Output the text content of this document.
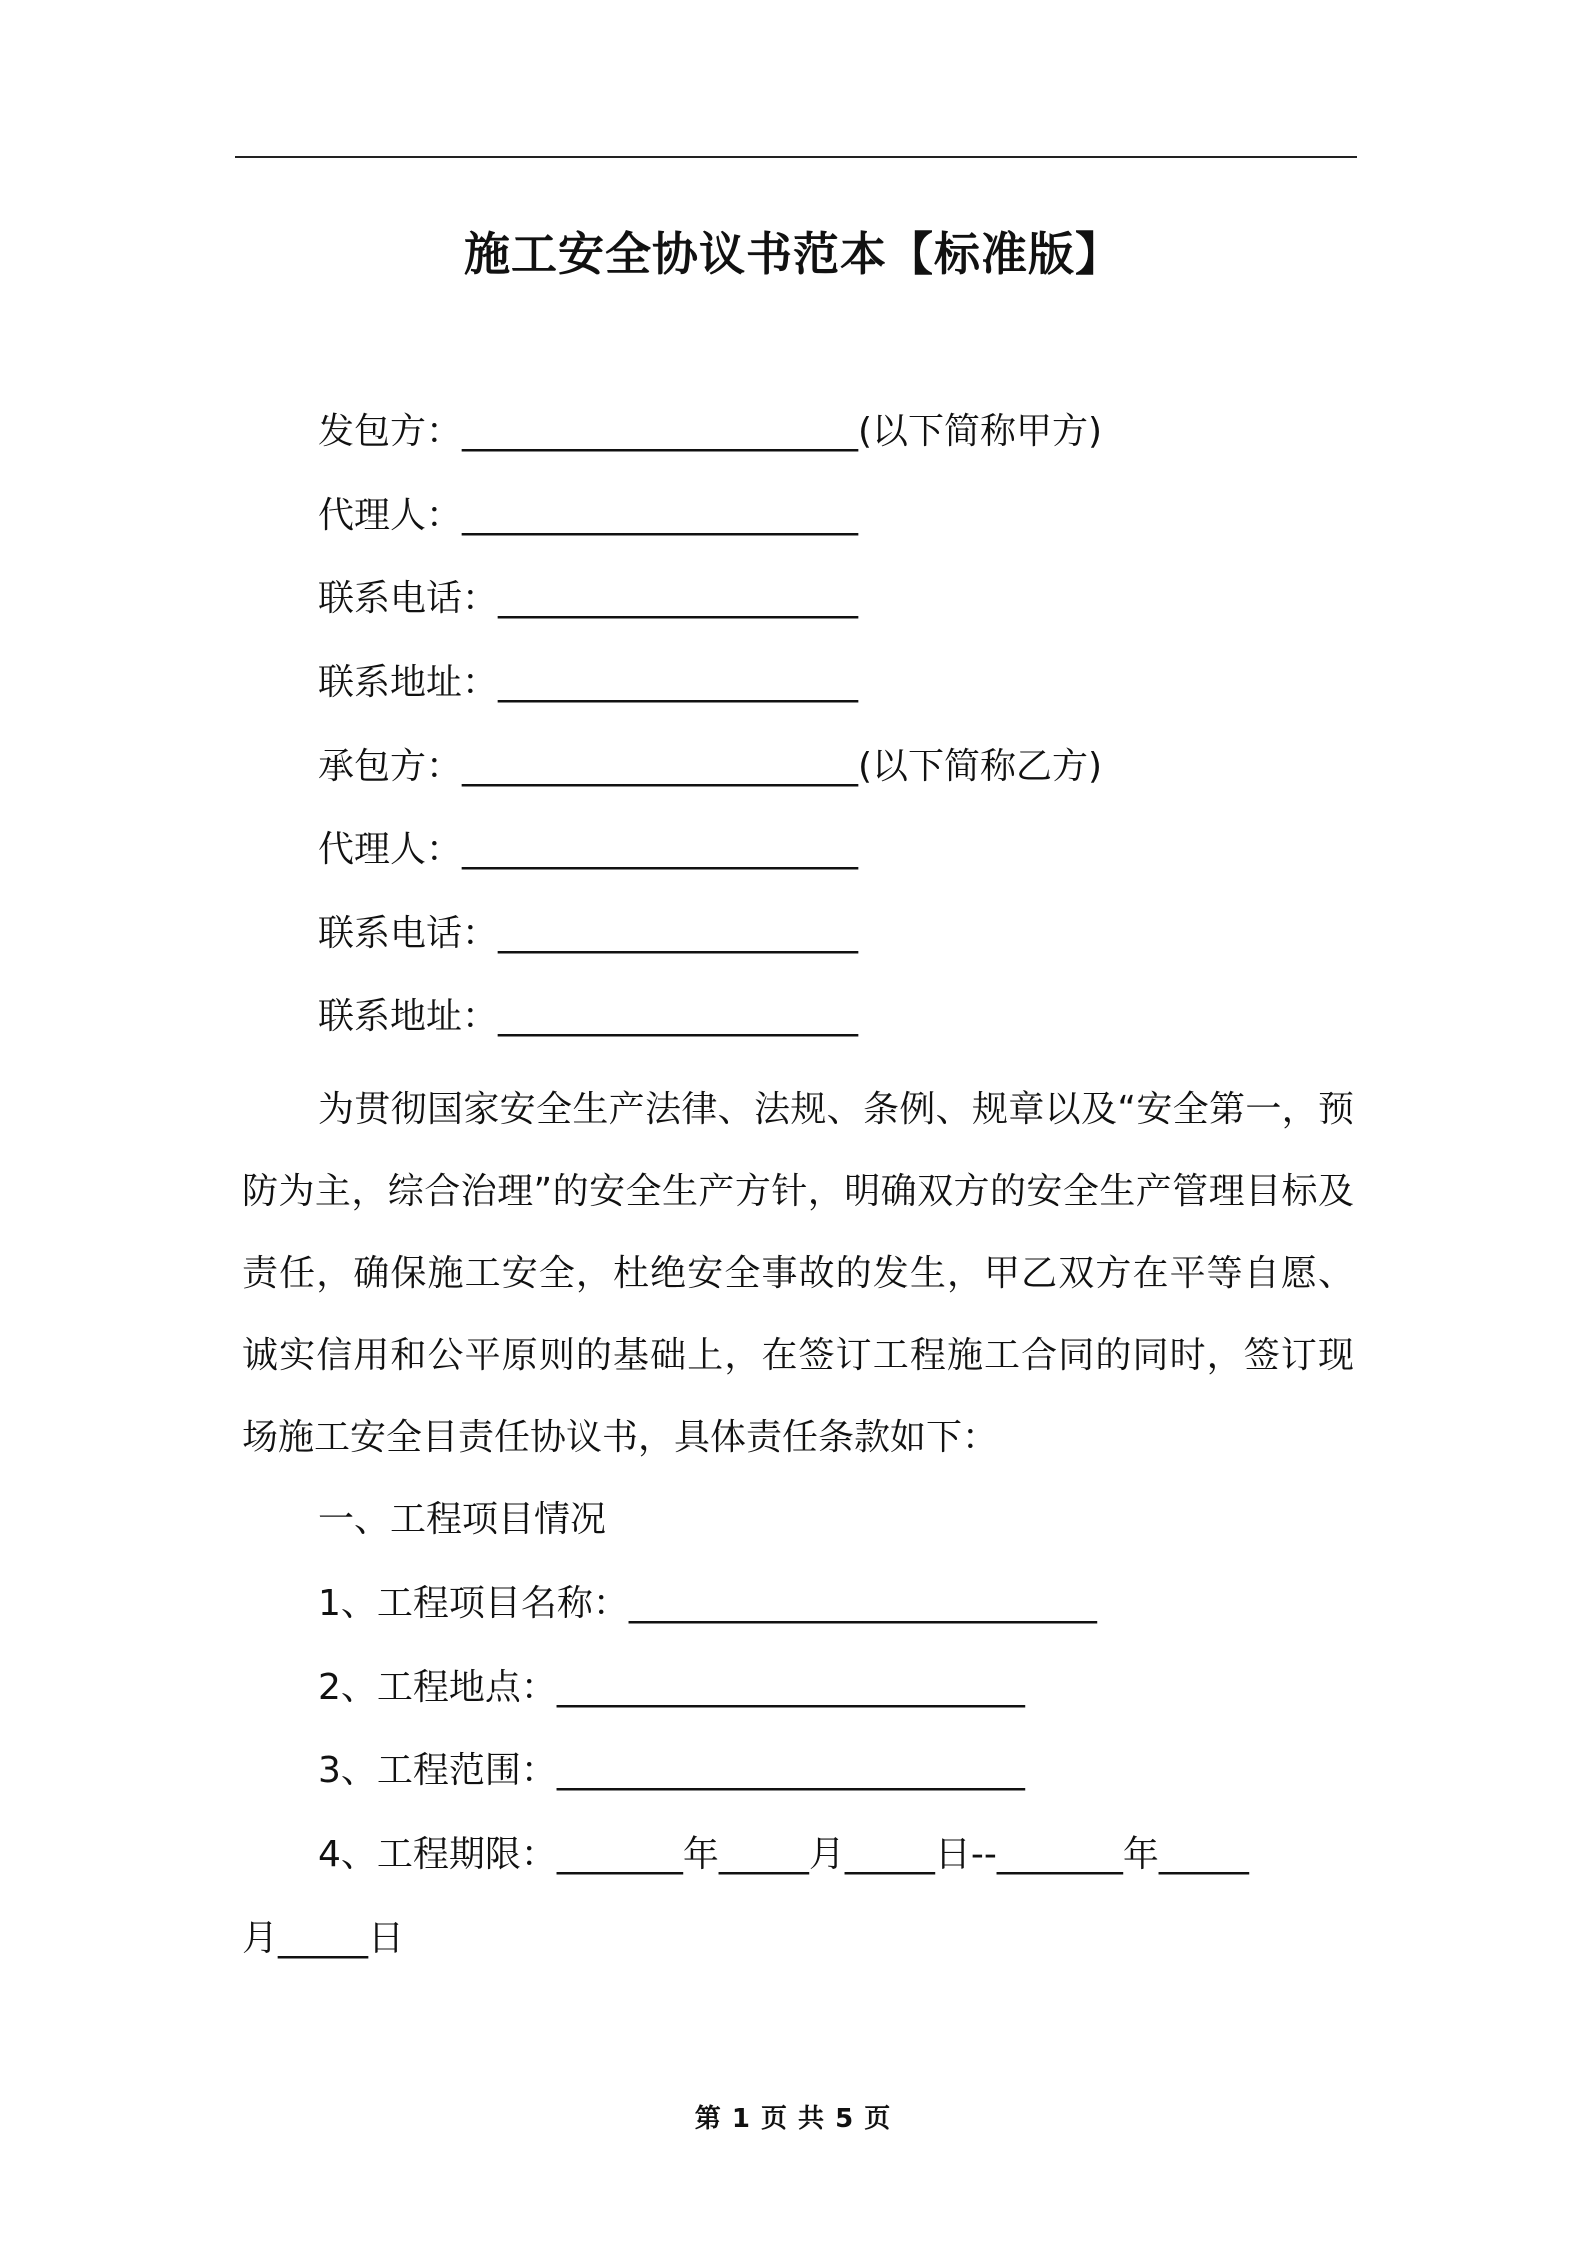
施工安全协议书范本【标准版】
发包方：______________________(以下简称甲方)
代理人：______________________
联系电话：____________________
联系地址：____________________
承包方：______________________(以下简称乙方)
代理人：______________________
联系电话：____________________
联系地址：____________________
为贯彻国家安全生产法律、法规、条例、规章以及“安全第一，预防为主，综合治理”的安全生产方针，明确双方的安全生产管理目标及责任，确保施工安全，杜绝安全事故的发生，甲乙双方在平等自愿、诚实信用和公平原则的基础上，在签订工程施工合同的同时，签订现场施工安全目责任协议书，具体责任条款如下：
一、工程项目情况
1、工程项目名称：__________________________
2、工程地点：__________________________
3、工程范围：__________________________
4、工程期限：_______年_____月_____日--_______年_____
月_____日
第 1 页 共 5 页
